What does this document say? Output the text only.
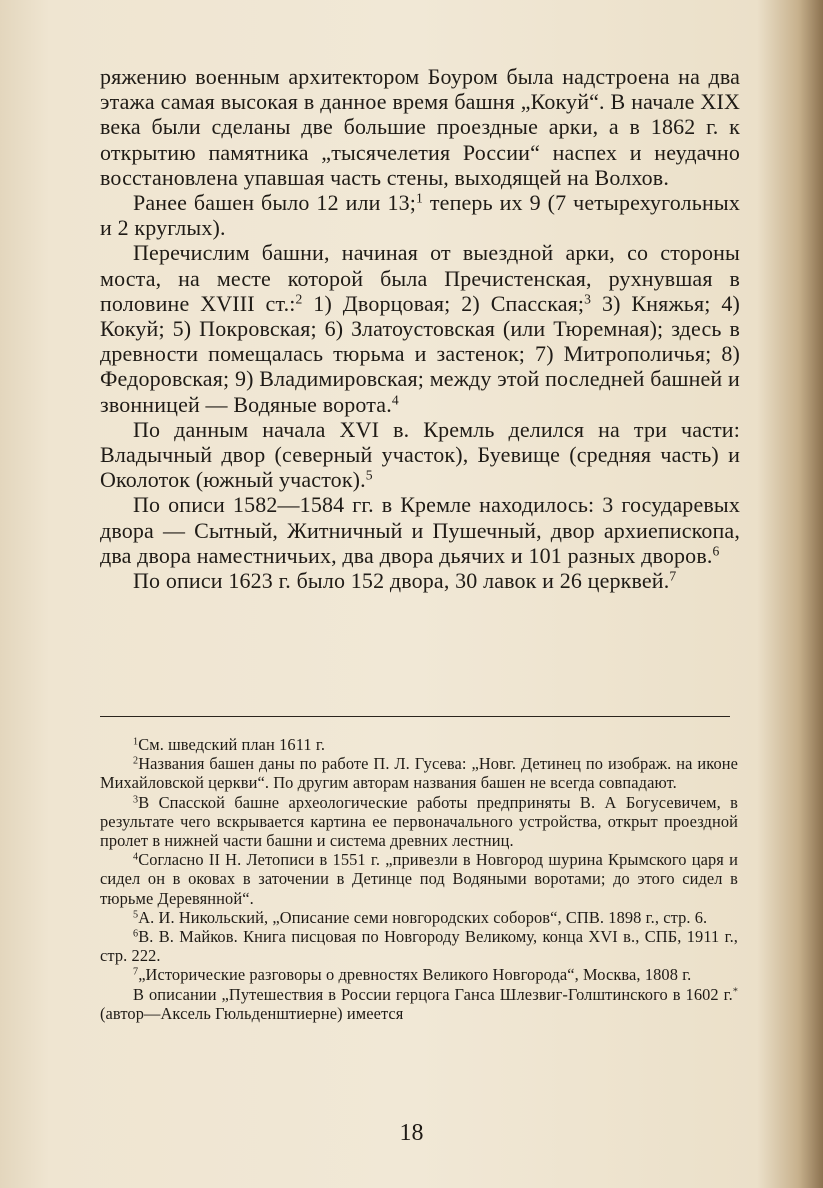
ряжению военным архитектором Боуром была надстроена на два этажа самая высокая в данное время башня „Кокуй“. В начале XIX века были сделаны две большие проездные арки, а в 1862 г. к открытию памятника „тысячелетия России“ наспех и неудачно восстановлена упавшая часть стены, выходящей на Волхов.

Ранее башен было 12 или 13;$^1$ теперь их 9 (7 четырехугольных и 2 круглых).

Перечислим башни, начиная от выездной арки, со стороны моста, на месте которой была Пречистенская, рухнувшая в половине XVIII ст.:$^2$ 1) Дворцовая; 2) Спасская;$^3$ 3) Княжья; 4) Кокуй; 5) Покровская; 6) Златоустовская (или Тюремная); здесь в древности помещалась тюрьма и застенок; 7) Митрополичья; 8) Федоровская; 9) Владимировская; между этой последней башней и звонницей — Водяные ворота.$^4$

По данным начала XVI в. Кремль делился на три части: Владычный двор (северный участок), Буевище (средняя часть) и Околоток (южный участок).$^5$

По описи 1582—1584 гг. в Кремле находилось: 3 государевых двора — Сытный, Житничный и Пушечный, двор архиепископа, два двора наместничьих, два двора дьячих и 101 разных дворов.$^6$

По описи 1623 г. было 152 двора, 30 лавок и 26 церквей.$^7$

$^1$См. шведский план 1611 г.

$^2$Названия башен даны по работе П. Л. Гусева: „Новг. Детинец по изображ. на иконе Михайловской церкви“. По другим авторам названия башен не всегда совпадают.

$^3$В Спасской башне археологические работы предприняты В. А Богусевичем, в результате чего вскрывается картина ее первоначального устройства, открыт проездной пролет в нижней части башни и система древних лестниц.

$^4$Согласно II Н. Летописи в 1551 г. „привезли в Новгород шурина Крымского царя и сидел он в оковах в заточении в Детинце под Водяными воротами; до этого сидел в тюрьме Деревянной“.

$^5$А. И. Никольский, „Описание семи новгородских соборов“, СПВ. 1898 г., стр. 6.

$^6$В. В. Майков. Книга писцовая по Новгороду Великому, конца XVI в., СПБ, 1911 г., стр. 222.

$^7$„Исторические разговоры о древностях Великого Новгорода“, Москва, 1808 г.

В описании „Путешествия в России герцога Ганса Шлезвиг-Голштинского в 1602 г.* (автор—Аксель Гюльденштиерне) имеется

18
